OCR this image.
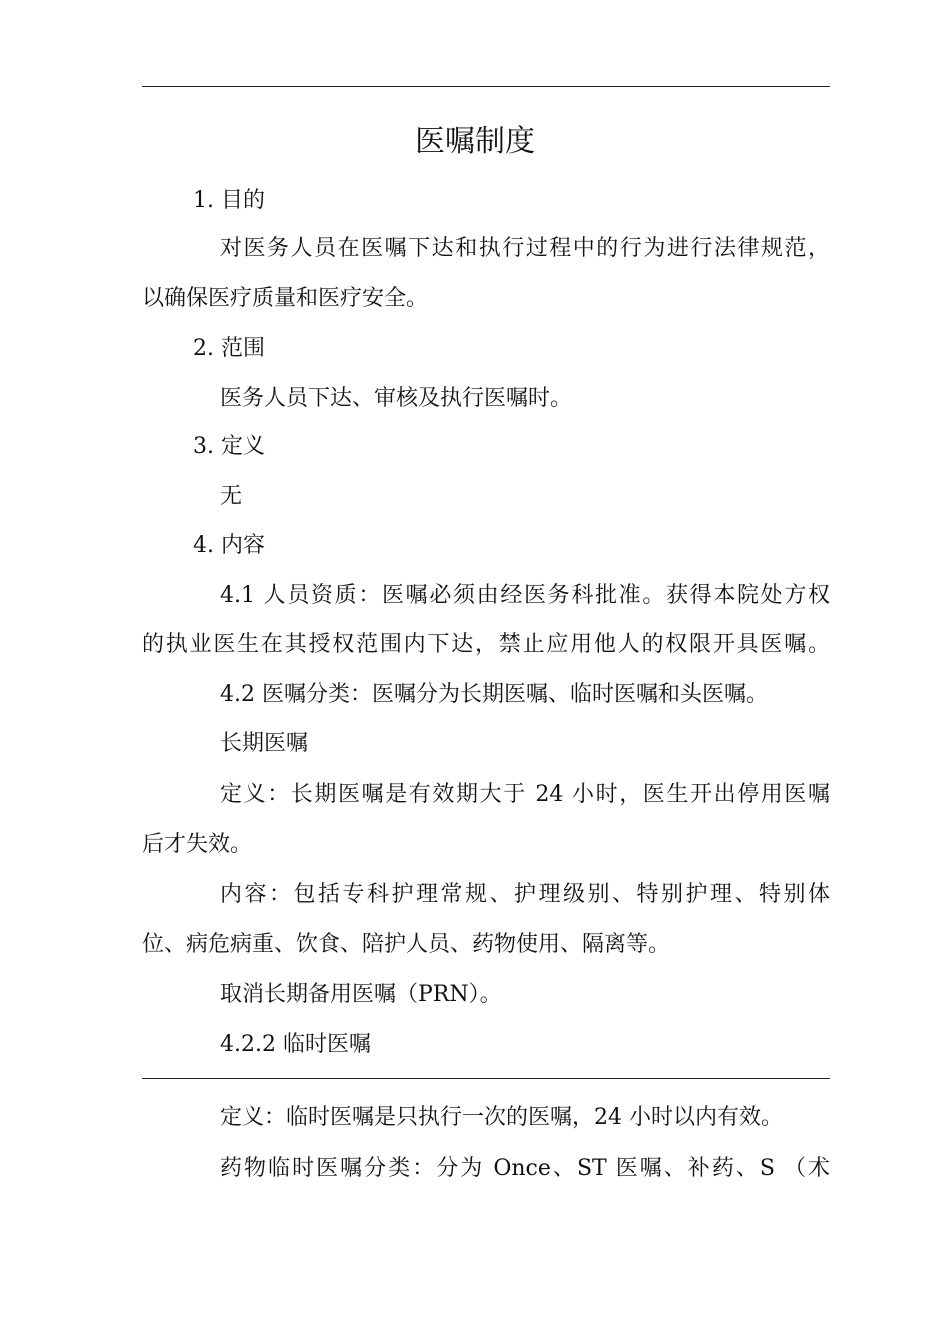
医嘱制度
1. 目的
对医务人员在医嘱下达和执行过程中的行为进行法律规范，
以确保医疗质量和医疗安全。
2. 范围
医务人员下达、审核及执行医嘱时。
3. 定义
无
4. 内容
4.1 人员资质：医嘱必须由经医务科批准。获得本院处方权
的执业医生在其授权范围内下达，禁止应用他人的权限开具医嘱。
4.2 医嘱分类：医嘱分为长期医嘱、临时医嘱和头医嘱。
长期医嘱
定义：长期医嘱是有效期大于 24 小时，医生开出停用医嘱
后才失效。
内容：包括专科护理常规、护理级别、特别护理、特别体
位、病危病重、饮食、陪护人员、药物使用、隔离等。
取消长期备用医嘱（PRN）。
4.2.2 临时医嘱
定义：临时医嘱是只执行一次的医嘱，24 小时以内有效。
药物临时医嘱分类：分为 Once、ST 医嘱、补药、S （术
